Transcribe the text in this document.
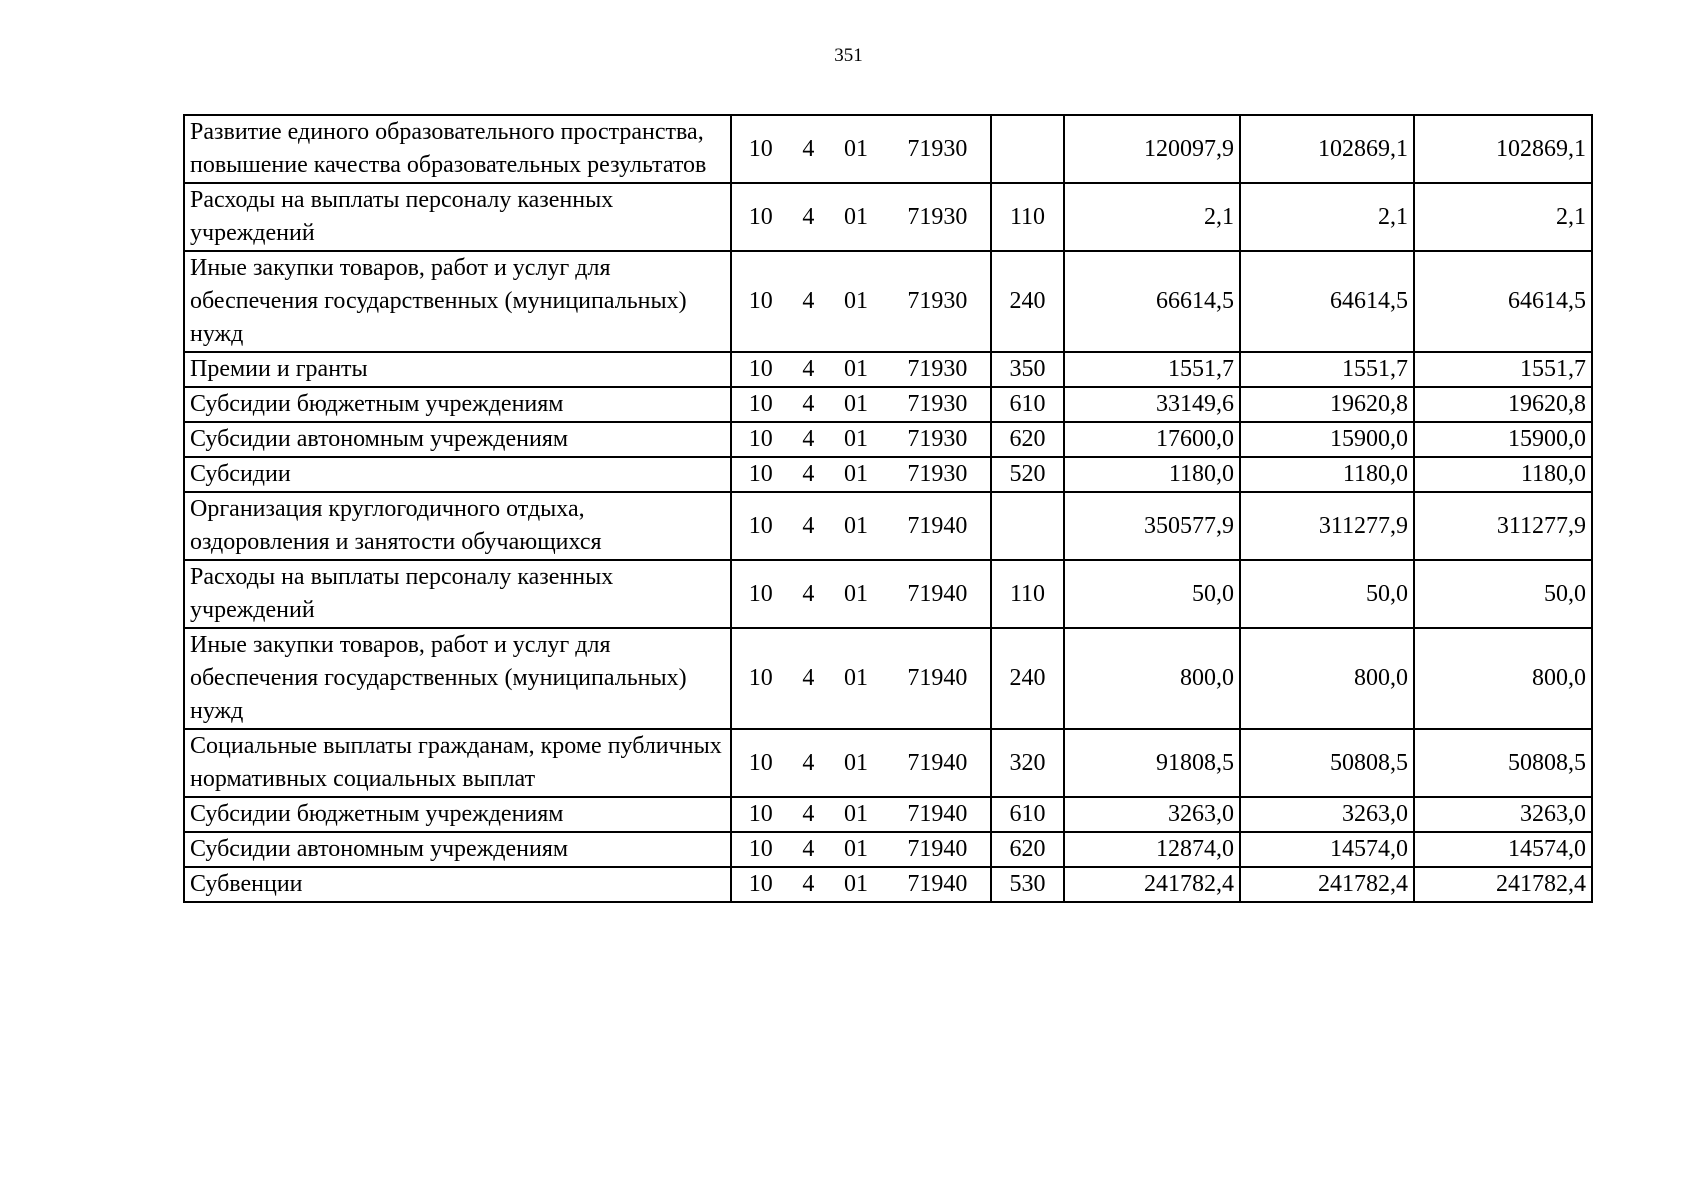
351
Развитие единого образовательного пространства, повышение качества образовательных результатов	10 4 01 71930		120097,9	102869,1	102869,1
Расходы на выплаты персоналу казенных учреждений	10 4 01 71930	110	2,1	2,1	2,1
Иные закупки товаров, работ и услуг для обеспечения государственных (муниципальных) нужд	10 4 01 71930	240	66614,5	64614,5	64614,5
Премии и гранты	10 4 01 71930	350	1551,7	1551,7	1551,7
Субсидии бюджетным учреждениям	10 4 01 71930	610	33149,6	19620,8	19620,8
Субсидии автономным учреждениям	10 4 01 71930	620	17600,0	15900,0	15900,0
Субсидии	10 4 01 71930	520	1180,0	1180,0	1180,0
Организация круглогодичного отдыха, оздоровления и занятости обучающихся	10 4 01 71940		350577,9	311277,9	311277,9
Расходы на выплаты персоналу казенных учреждений	10 4 01 71940	110	50,0	50,0	50,0
Иные закупки товаров, работ и услуг для обеспечения государственных (муниципальных) нужд	10 4 01 71940	240	800,0	800,0	800,0
Социальные выплаты гражданам, кроме публичных нормативных социальных выплат	10 4 01 71940	320	91808,5	50808,5	50808,5
Субсидии бюджетным учреждениям	10 4 01 71940	610	3263,0	3263,0	3263,0
Субсидии автономным учреждениям	10 4 01 71940	620	12874,0	14574,0	14574,0
Субвенции	10 4 01 71940	530	241782,4	241782,4	241782,4
